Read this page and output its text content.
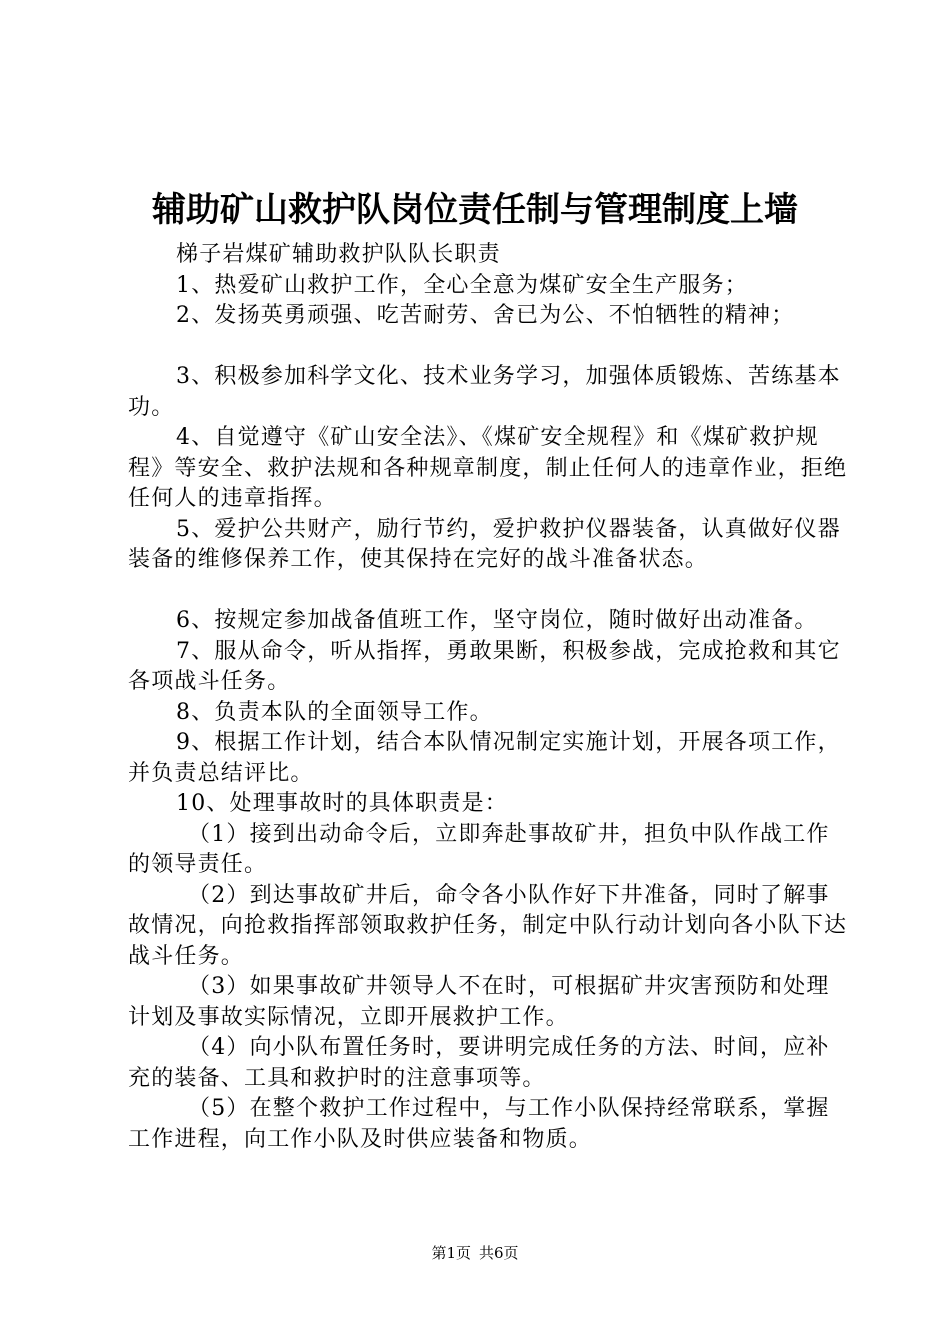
辅助矿山救护队岗位责任制与管理制度上墙

梯子岩煤矿辅助救护队队长职责

1、热爱矿山救护工作，全心全意为煤矿安全生产服务；

2、发扬英勇顽强、吃苦耐劳、舍已为公、不怕牺牲的精神；

3、积极参加科学文化、技术业务学习，加强体质锻炼、苦练基本功。

4、自觉遵守《矿山安全法》、《煤矿安全规程》和《煤矿救护规程》等安全、救护法规和各种规章制度，制止任何人的违章作业，拒绝任何人的违章指挥。

5、爱护公共财产，励行节约，爱护救护仪器装备，认真做好仪器装备的维修保养工作，使其保持在完好的战斗准备状态。

6、按规定参加战备值班工作，坚守岗位，随时做好出动准备。

7、服从命令，听从指挥，勇敢果断，积极参战，完成抢救和其它各项战斗任务。

8、负责本队的全面领导工作。

9、根据工作计划，结合本队情况制定实施计划，开展各项工作，并负责总结评比。

10、处理事故时的具体职责是：

（1）接到出动命令后，立即奔赴事故矿井，担负中队作战工作的领导责任。

（2）到达事故矿井后，命令各小队作好下井准备，同时了解事故情况，向抢救指挥部领取救护任务，制定中队行动计划向各小队下达战斗任务。

（3）如果事故矿井领导人不在时，可根据矿井灾害预防和处理计划及事故实际情况，立即开展救护工作。

（4）向小队布置任务时，要讲明完成任务的方法、时间，应补充的装备、工具和救护时的注意事项等。

（5）在整个救护工作过程中，与工作小队保持经常联系，掌握工作进程，向工作小队及时供应装备和物质。

第1页 共6页
